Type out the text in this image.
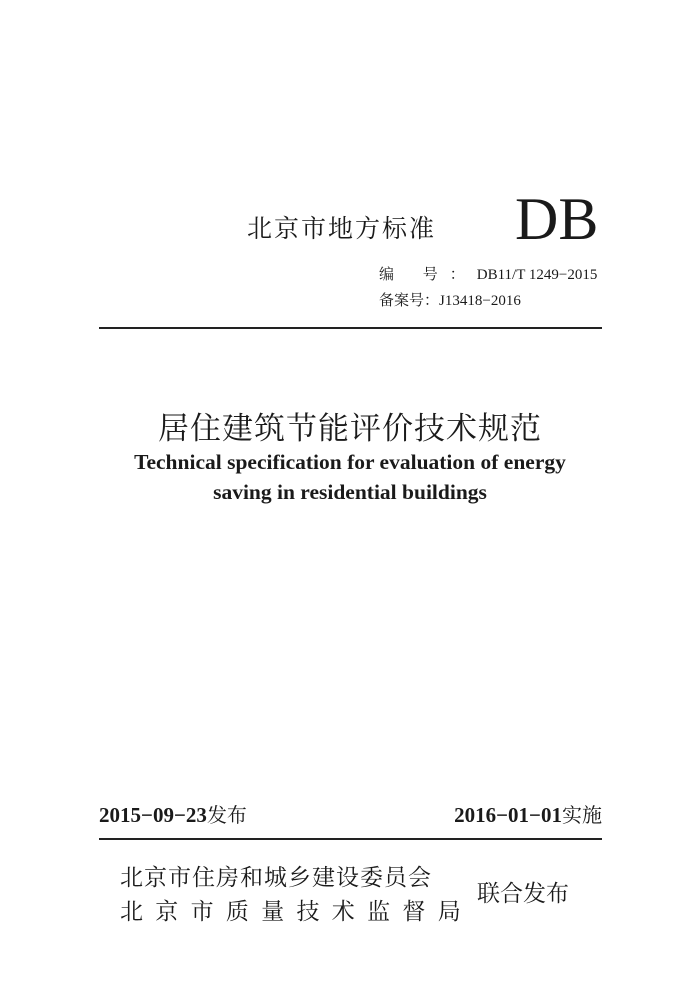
北京市地方标准 DB
编 号：DB11/T 1249−2015
备案号：J13418−2016
居住建筑节能评价技术规范
Technical specification for evaluation of energy
saving in residential buildings
2015−09−23发布	2016−01−01实施
北京市住房和城乡建设委员会
北京市质量技术监督局
联合发布
